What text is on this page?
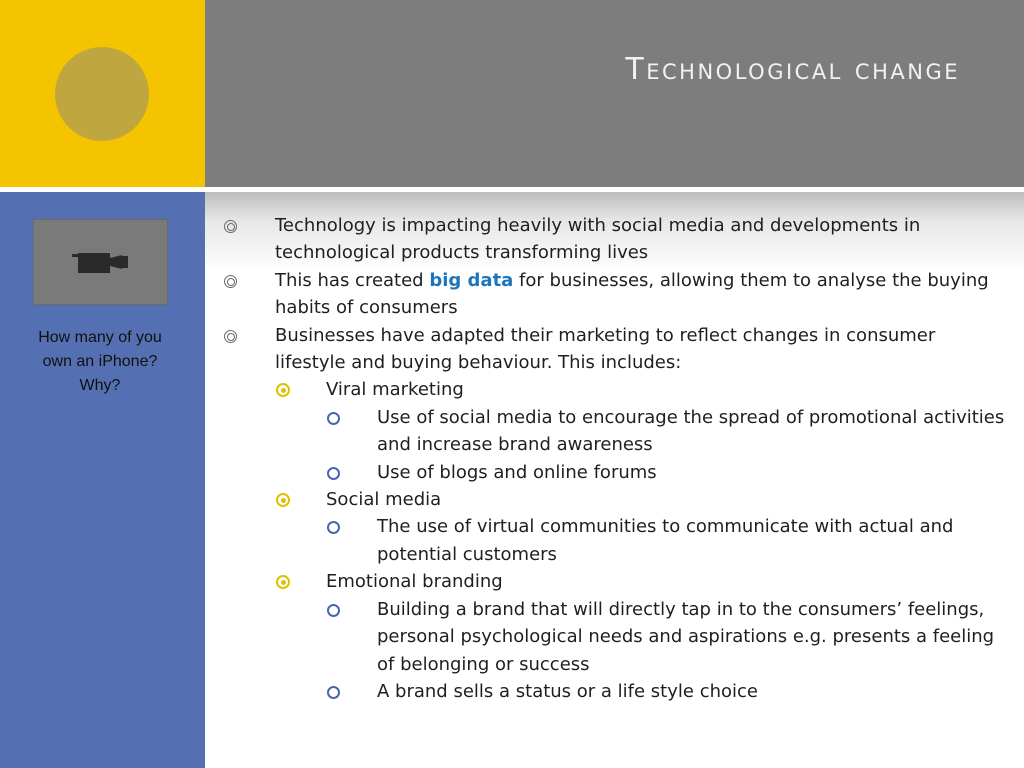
Technological change
How many of you own an iPhone? Why?
Technology is impacting heavily with social media and developments in technological products transforming lives
This has created big data for businesses, allowing them to analyse the buying habits of consumers
Businesses have adapted their marketing to reflect changes in consumer lifestyle and buying behaviour. This includes:
Viral marketing
Use of social media to encourage the spread of promotional activities and increase brand awareness
Use of blogs and online forums
Social media
The use of virtual communities to communicate with actual and potential customers
Emotional branding
Building a brand that will directly tap in to the consumers’ feelings, personal psychological needs and aspirations e.g. presents a feeling of belonging or success
A brand sells a status or a life style choice
